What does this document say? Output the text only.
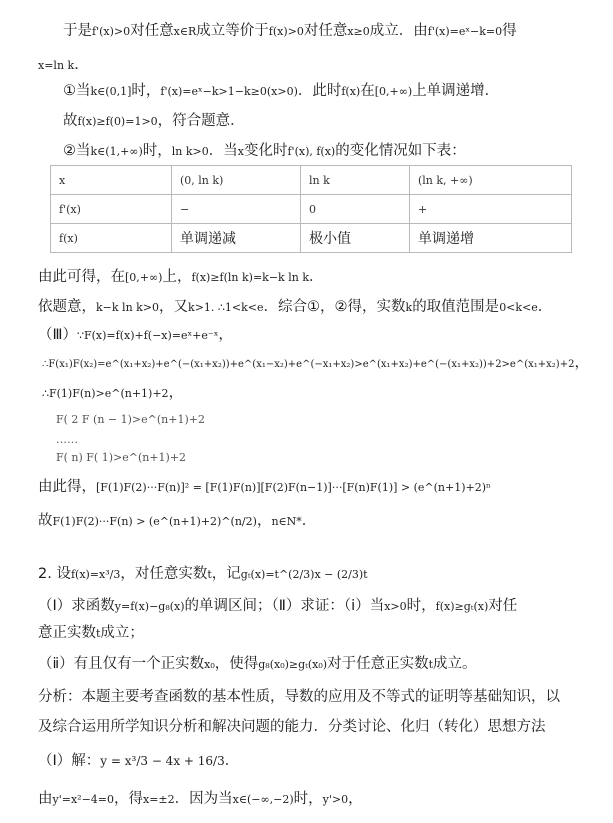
于是f'(x)>0对任意x∈R成立等价于f(x)>0对任意x≥0成立．由f'(x)=eˣ−k=0得
x=ln k．
①当k∈(0,1]时，f'(x)=eˣ−k>1−k≥0(x>0)．此时f(x)在[0,+∞)上单调递增．
故f(x)≥f(0)=1>0，符合题意．
②当k∈(1,+∞)时，ln k>0．当x变化时f'(x), f(x)的变化情况如下表：
x	(0, ln k)	ln k	(ln k, +∞)
f'(x)	−	0	+
f(x)	单调递减	极小值	单调递增
由此可得，在[0,+∞)上，f(x)≥f(ln k)=k−k ln k．
依题意，k−k ln k>0，又k>1. ∴1<k<e．综合①，②得，实数k的取值范围是0<k<e．
（Ⅲ）∵F(x)=f(x)+f(−x)=eˣ+e⁻ˣ，
∴F(x₁)F(x₂)=e^(x₁+x₂)+e^(−(x₁+x₂))+e^(x₁−x₂)+e^(−x₁+x₂)>e^(x₁+x₂)+e^(−(x₁+x₂))+2>e^(x₁+x₂)+2，
∴F(1)F(n)>e^(n+1)+2，
F( 2 F (n − 1)>e^(n+1)+2
……
F( n) F( 1)>e^(n+1)+2
由此得，[F(1)F(2)···F(n)]² = [F(1)F(n)][F(2)F(n−1)]···[F(n)F(1)] > (e^(n+1)+2)ⁿ
故F(1)F(2)···F(n) > (e^(n+1)+2)^(n/2)，n∈N*．
2. 设f(x)=x³/3，对任意实数t，记gₜ(x)=t^(2/3)x − (2/3)t
（Ⅰ）求函数y=f(x)−g₈(x)的单调区间；（Ⅱ）求证：（ⅰ）当x>0时，f(x)≥gₜ(x)对任
意正实数t成立；
（ⅱ）有且仅有一个正实数x₀，使得g₈(x₀)≥gₜ(x₀)对于任意正实数t成立。
分析：本题主要考查函数的基本性质，导数的应用及不等式的证明等基础知识，以
及综合运用所学知识分析和解决问题的能力．分类讨论、化归（转化）思想方法
（Ⅰ）解：y = x³/3 − 4x + 16/3．
由y'=x²−4=0，得x=±2．因为当x∈(−∞,−2)时，y'>0，
